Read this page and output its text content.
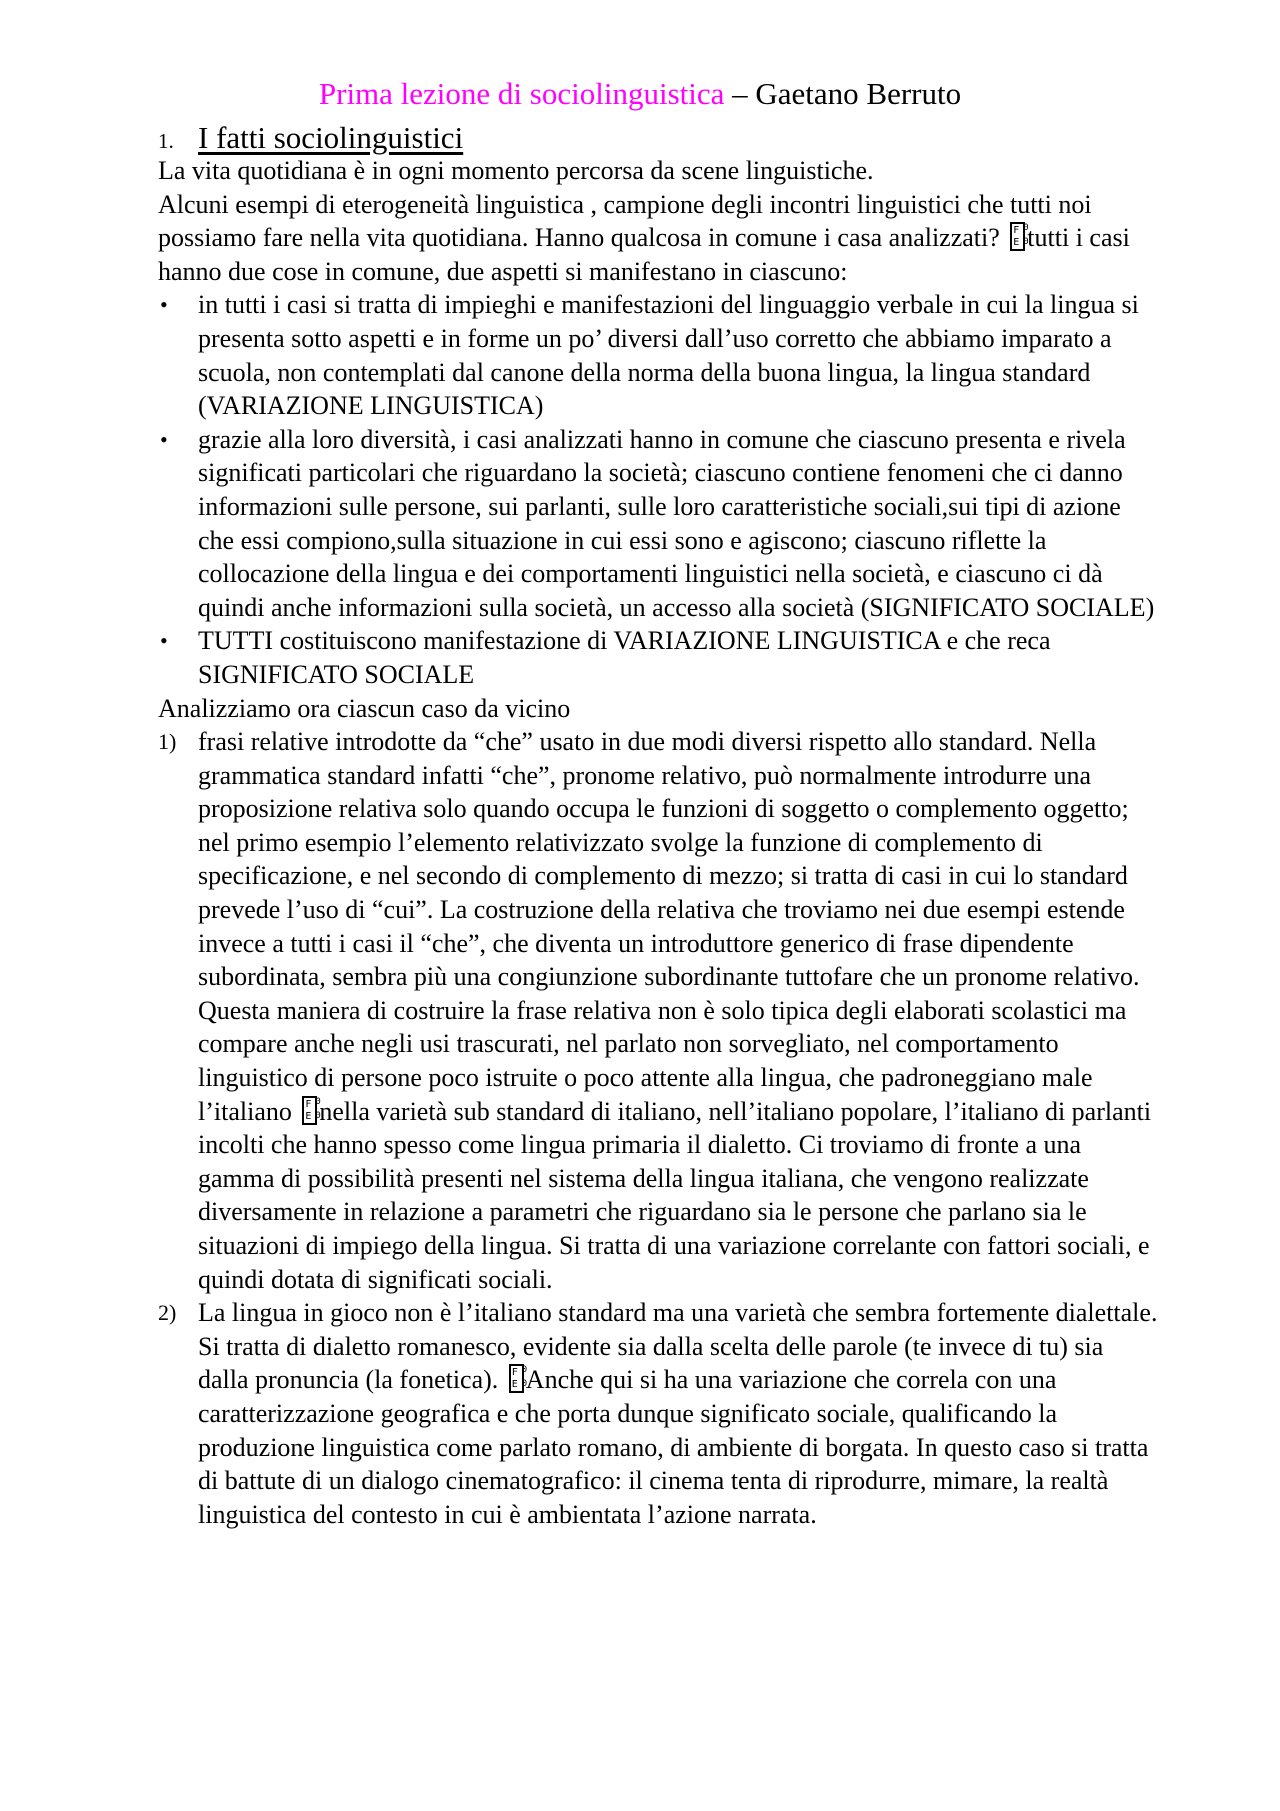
Prima lezione di sociolinguistica – Gaetano Berruto
1. I fatti sociolinguistici

La vita quotidiana è in ogni momento percorsa da scene linguistiche.

Alcuni esempi di eterogeneità linguistica , campione degli incontri linguistici che tutti noi possiamo fare nella vita quotidiana. Hanno qualcosa in comune i casa analizzati? F 0
0
Etutti i casi hanno due cose in comune, due aspetti si manifestano in ciascuno:

•	in tutti i casi si tratta di impieghi e manifestazioni del linguaggio verbale in cui la lingua si presenta sotto aspetti e in forme un po’ diversi dall’uso corretto che abbiamo imparato a scuola, non contemplati dal canone della norma della buona lingua, la lingua standard (VARIAZIONE LINGUISTICA)
•	grazie alla loro diversità, i casi analizzati hanno in comune che ciascuno presenta e rivela significati particolari che riguardano la società; ciascuno contiene fenomeni che ci danno informazioni sulle persone, sui parlanti, sulle loro caratteristiche sociali,sui tipi di azione che essi compiono,sulla situazione in cui essi sono e agiscono; ciascuno riflette la collocazione della lingua e dei comportamenti linguistici nella società, e ciascuno ci dà quindi anche informazioni sulla società, un accesso alla società (SIGNIFICATO SOCIALE)
•	TUTTI costituiscono manifestazione di VARIAZIONE LINGUISTICA e che reca SIGNIFICATO SOCIALE

Analizziamo ora ciascun caso da vicino

1) frasi relative introdotte da “che” usato in due modi diversi rispetto allo standard. Nella grammatica standard infatti “che”, pronome relativo, può normalmente introdurre una proposizione relativa solo quando occupa le funzioni di soggetto o complemento oggetto; nel primo esempio l’elemento relativizzato svolge la funzione di complemento di specificazione, e nel secondo di complemento di mezzo; si tratta di casi in cui lo standard prevede l’uso di “cui”. La costruzione della relativa che troviamo nei due esempi estende invece a tutti i casi il “che”, che diventa un introduttore generico di frase dipendente subordinata, sembra più una congiunzione subordinante tuttofare che un pronome relativo.
Questa maniera di costruire la frase relativa non è solo tipica degli elaborati scolastici ma compare anche negli usi trascurati, nel parlato non sorvegliato, nel comportamento linguistico di persone poco istruite o poco attente alla lingua, che padroneggiano male l’italiano F 0
0
Enella varietà sub standard di italiano, nell’italiano popolare, l’italiano di parlanti incolti che hanno spesso come lingua primaria il dialetto. Ci troviamo di fronte a una gamma di possibilità presenti nel sistema della lingua italiana, che vengono realizzate diversamente in relazione a parametri che riguardano sia le persone che parlano sia le situazioni di impiego della lingua. Si tratta di una variazione correlante con fattori sociali, e quindi dotata di significati sociali.
2) La lingua in gioco non è l’italiano standard ma una varietà che sembra fortemente dialettale. Si tratta di dialetto romanesco, evidente sia dalla scelta delle parole (te invece di tu) sia dalla pronuncia (la fonetica). F 0
0
EAnche qui si ha una variazione che correla con una caratterizzazione geografica e che porta dunque significato sociale, qualificando la produzione linguistica come parlato romano, di ambiente di borgata. In questo caso si tratta di battute di un dialogo cinematografico: il cinema tenta di riprodurre, mimare, la realtà linguistica del contesto in cui è ambientata l’azione narrata.
